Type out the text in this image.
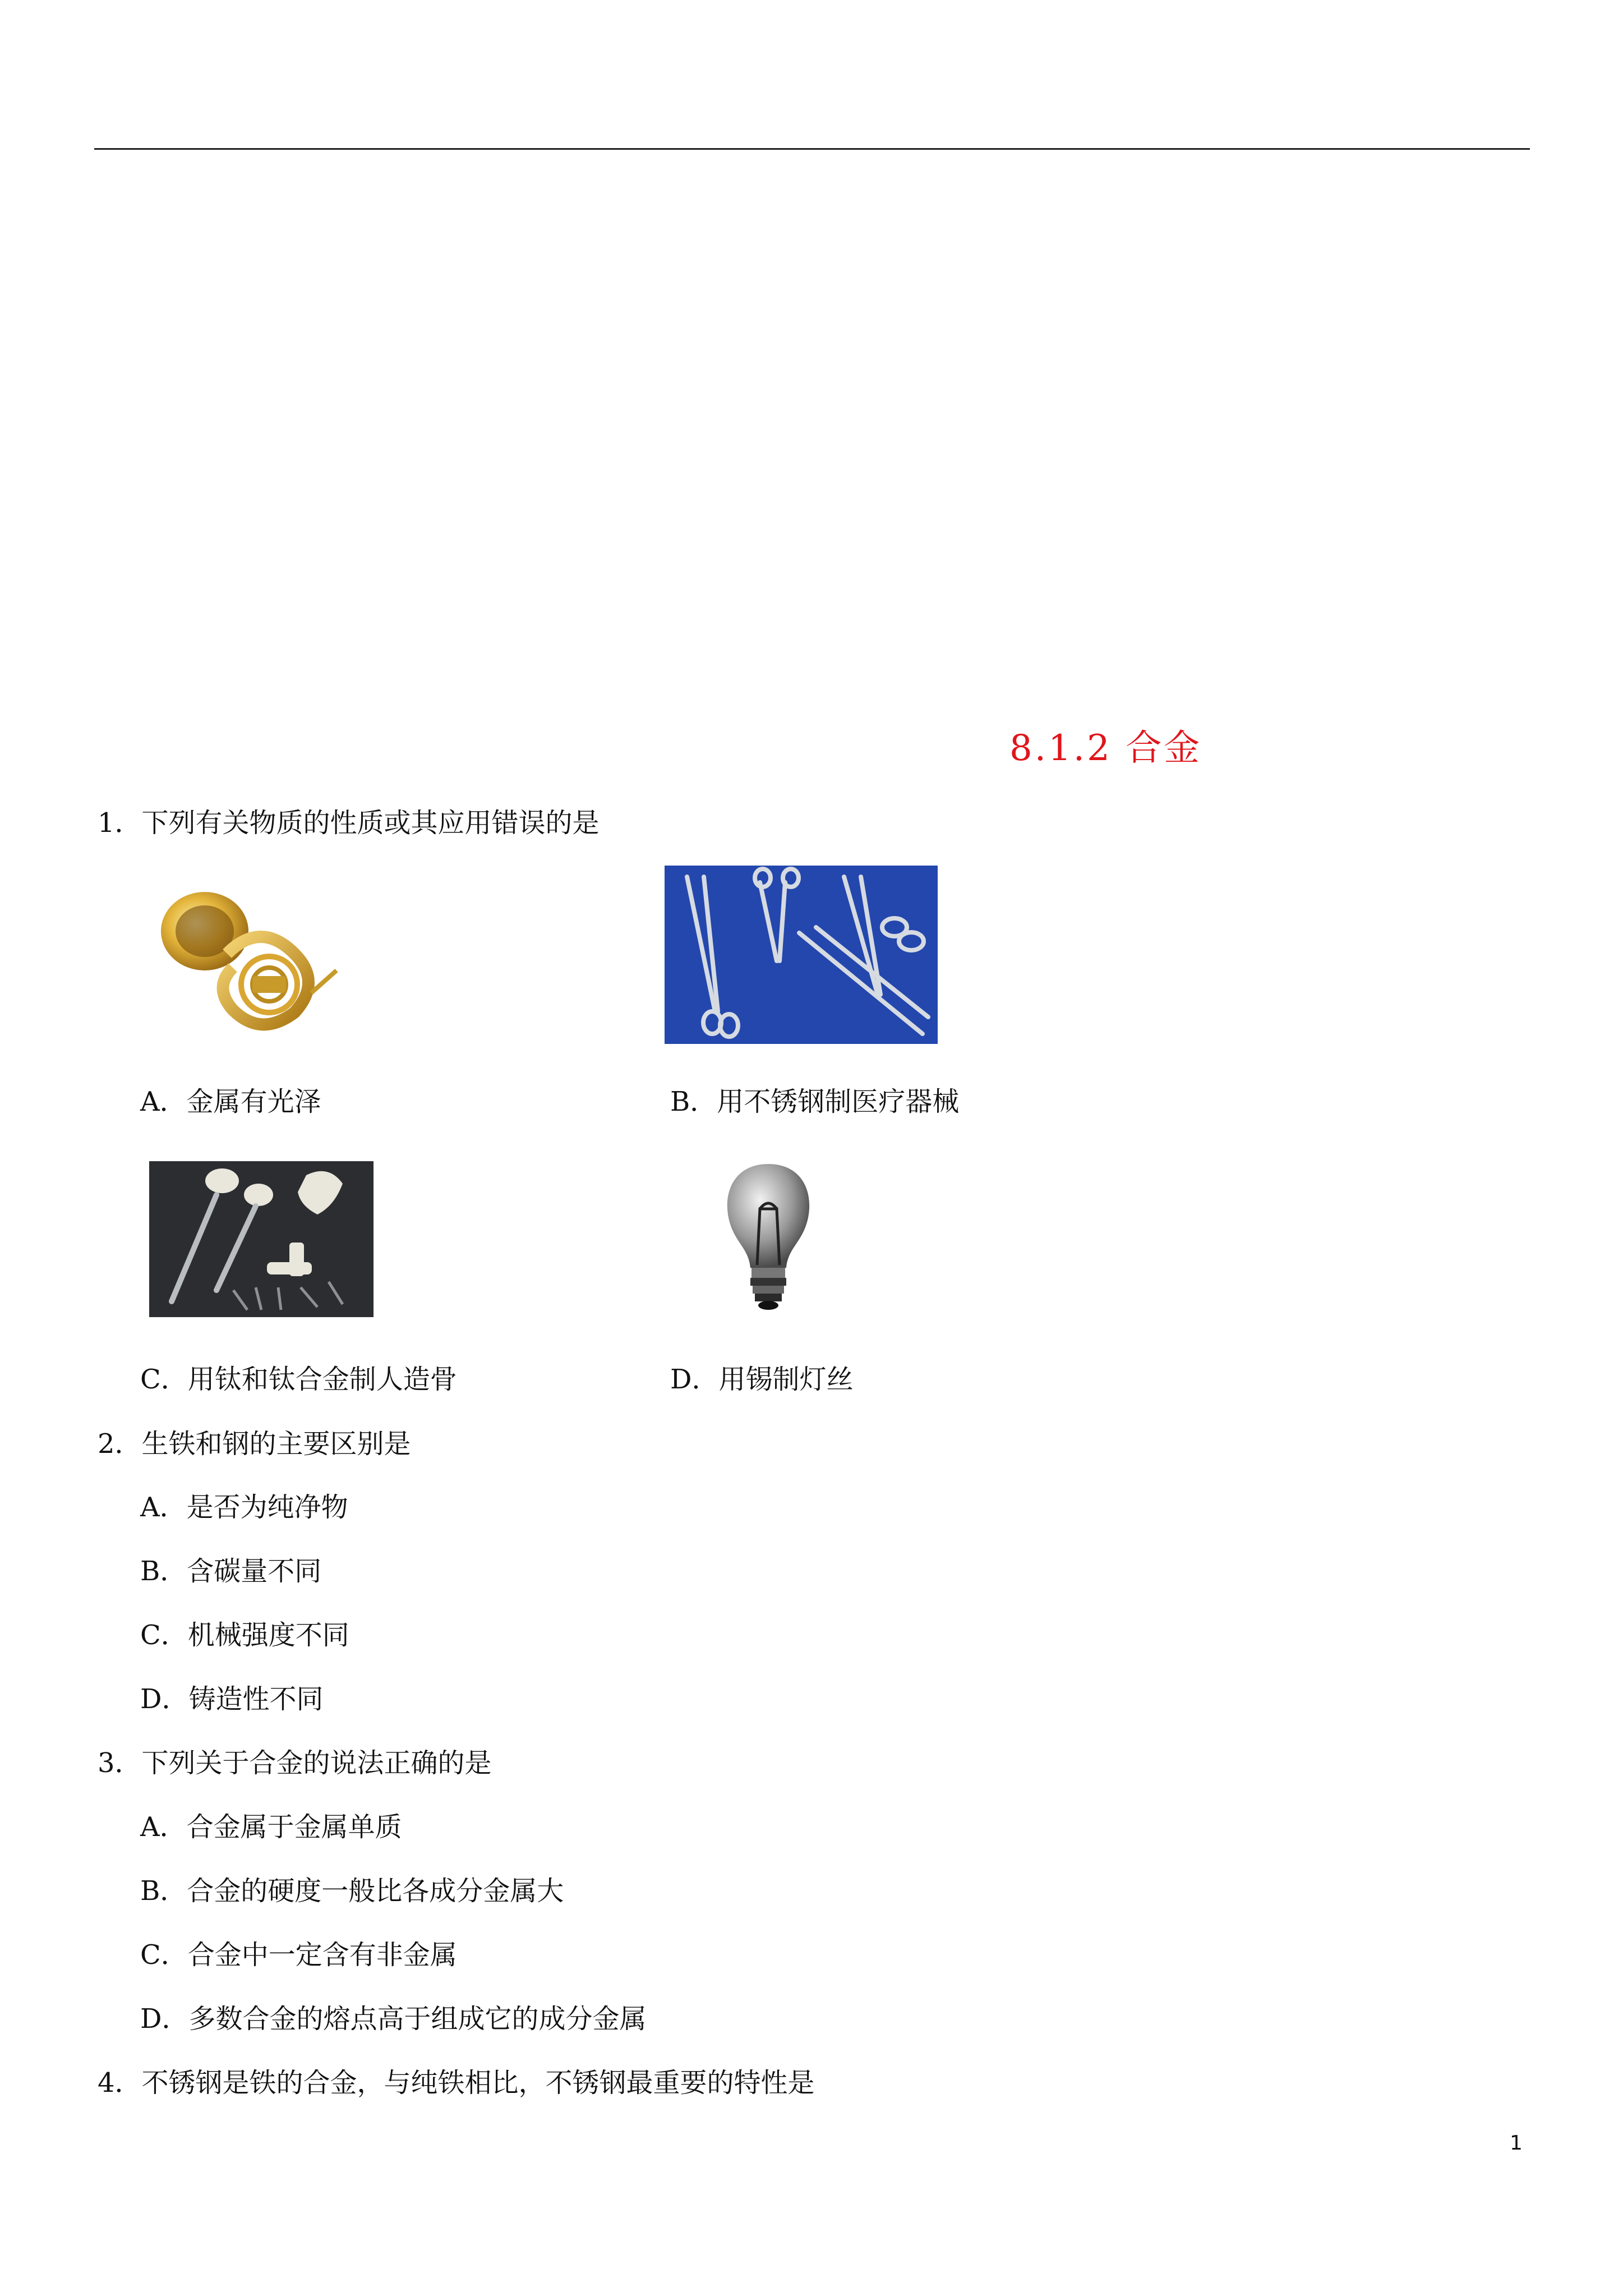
8.1.2 合金
1．下列有关物质的性质或其应用错误的是
A．金属有光泽	B．用不锈钢制医疗器械
C．用钛和钛合金制人造骨	D．用锡制灯丝
2．生铁和钢的主要区别是
A．是否为纯净物
B．含碳量不同
C．机械强度不同
D．铸造性不同
3．下列关于合金的说法正确的是
A．合金属于金属单质
B．合金的硬度一般比各成分金属大
C．合金中一定含有非金属
D．多数合金的熔点高于组成它的成分金属
4．不锈钢是铁的合金，与纯铁相比，不锈钢最重要的特性是
1
